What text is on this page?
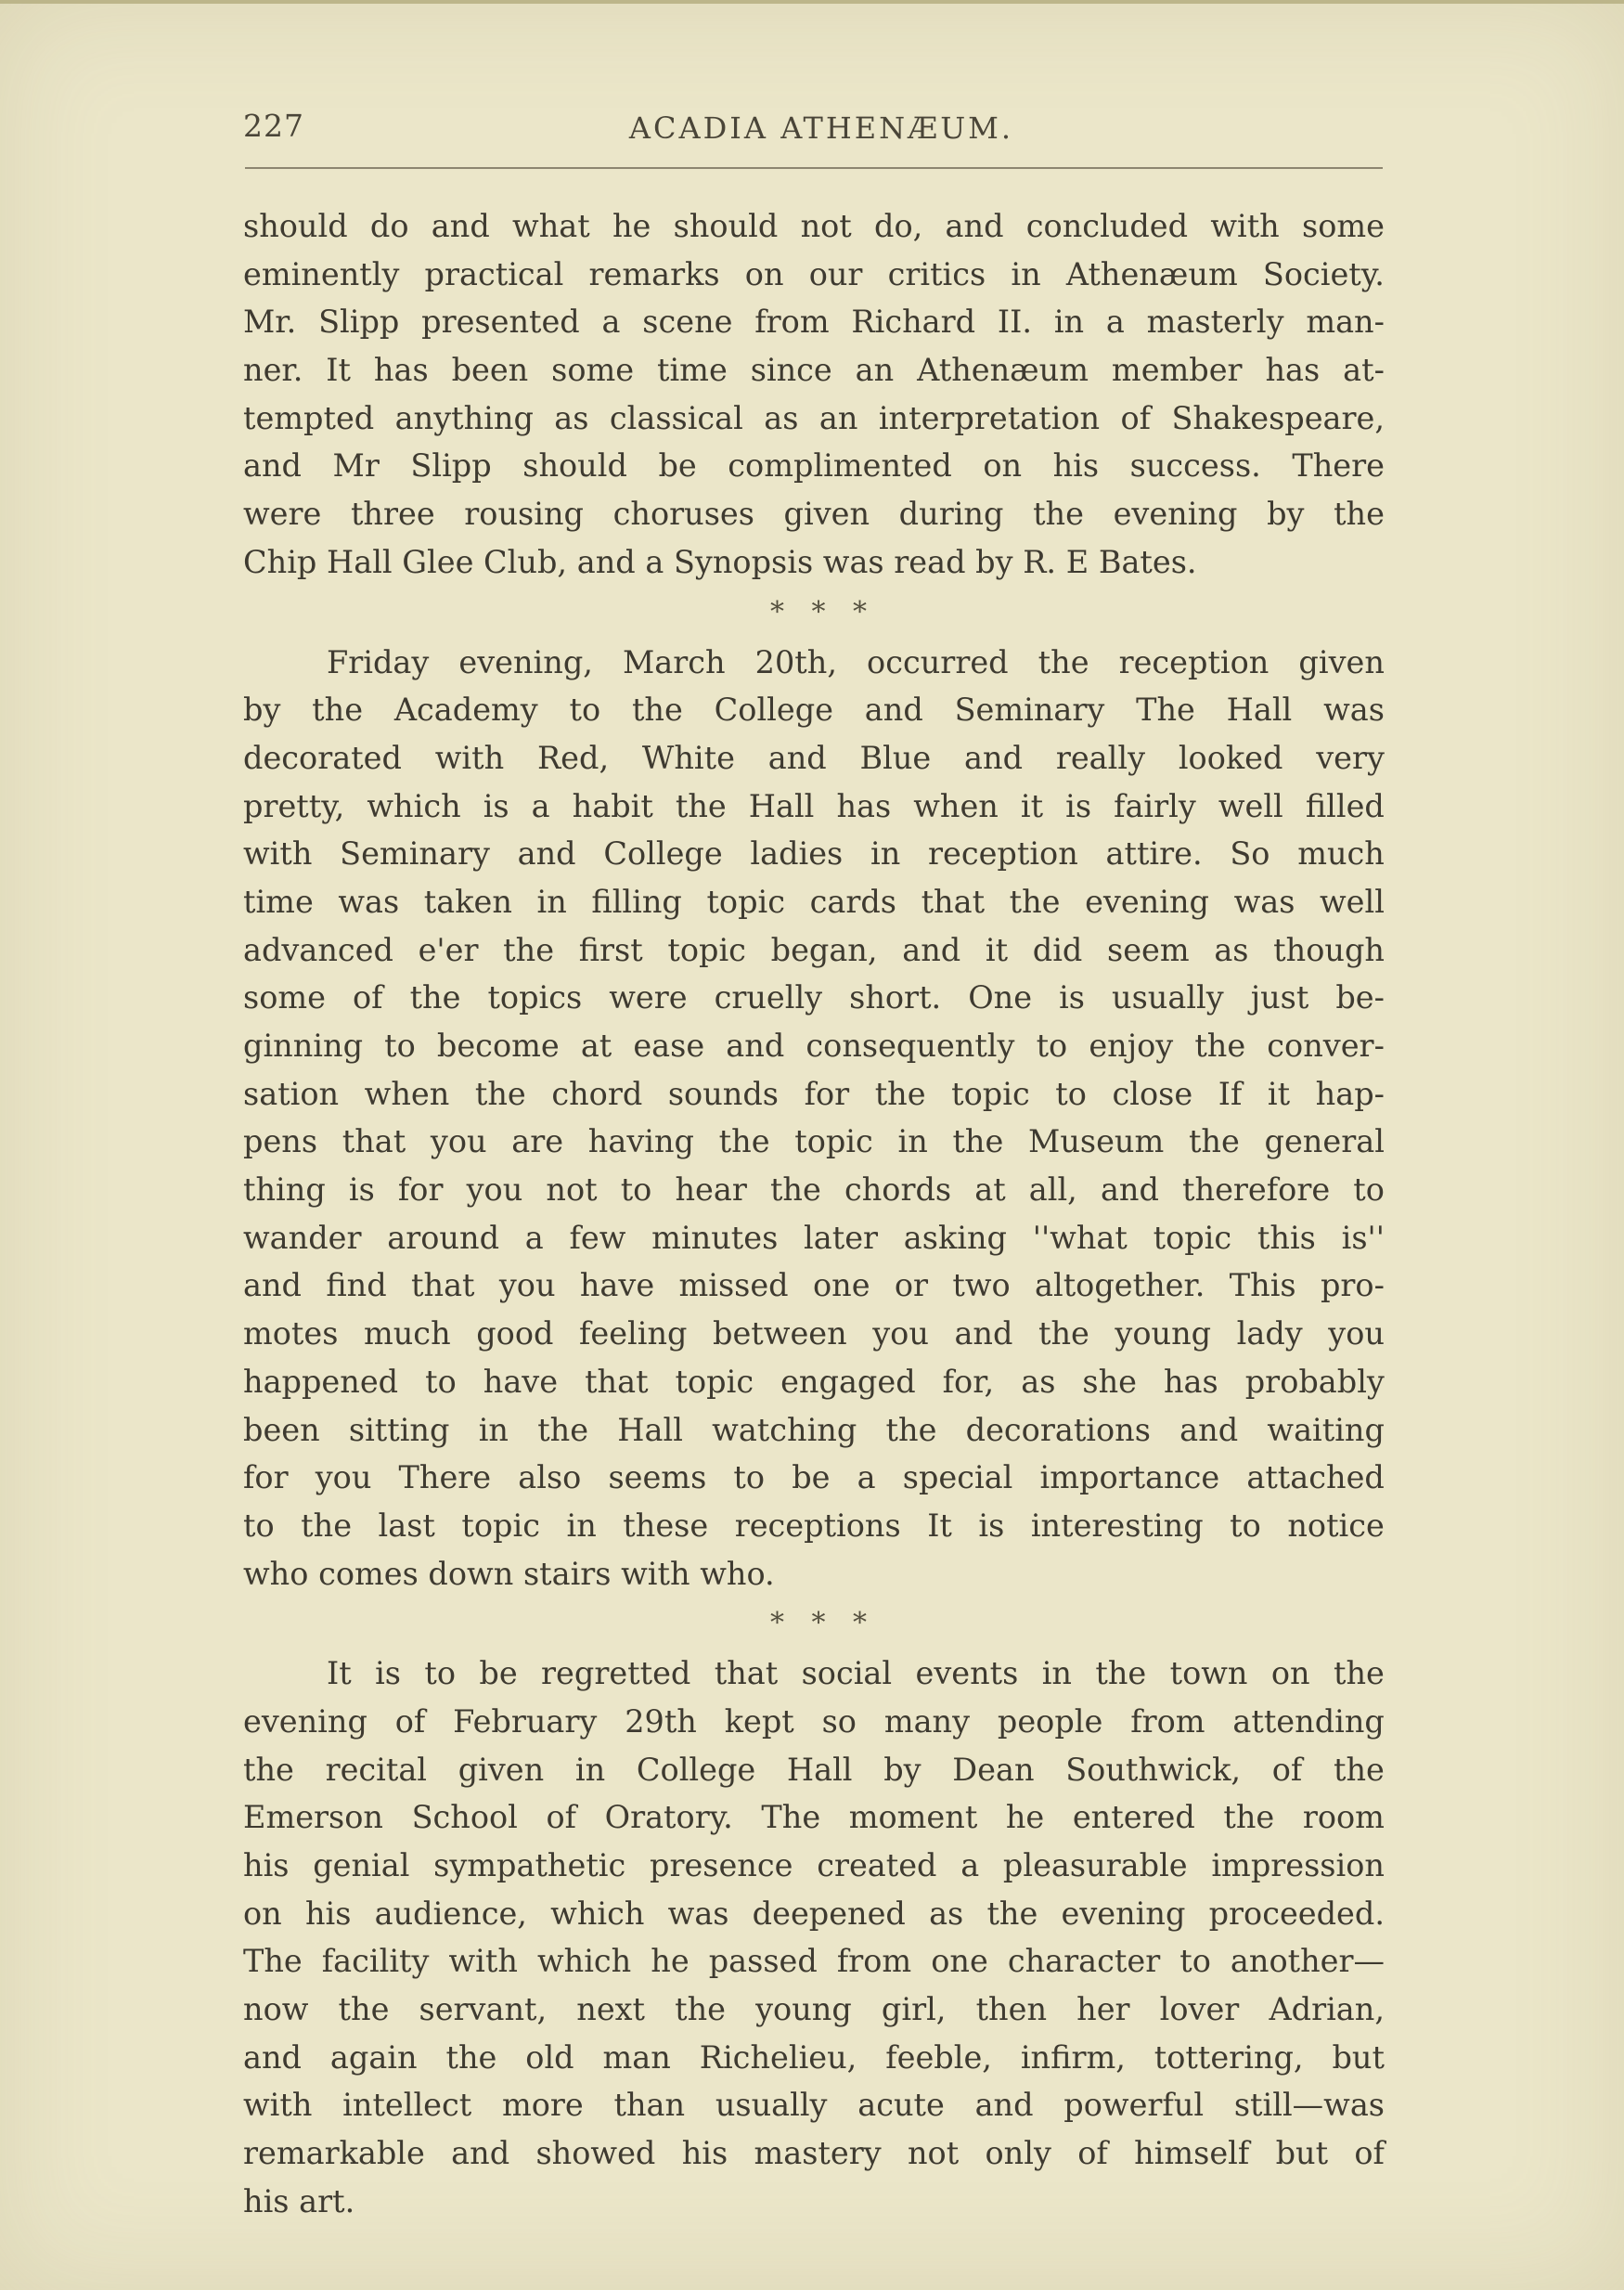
227	ACADIA ATHENÆUM.
should do and what he should not do, and concluded with some
eminently practical remarks on our critics in Athenæum Society.
Mr. Slipp presented a scene from Richard II. in a masterly man-
ner. It has been some time since an Athenæum member has at-
tempted anything as classical as an interpretation of Shakespeare,
and Mr Slipp should be complimented on his success. There
were three rousing choruses given during the evening by the
Chip Hall Glee Club, and a Synopsis was read by R. E Bates.
* * *
Friday evening, March 20th, occurred the reception given
by the Academy to the College and Seminary The Hall was
decorated with Red, White and Blue and really looked very
pretty, which is a habit the Hall has when it is fairly well filled
with Seminary and College ladies in reception attire. So much
time was taken in filling topic cards that the evening was well
advanced e'er the first topic began, and it did seem as though
some of the topics were cruelly short. One is usually just be-
ginning to become at ease and consequently to enjoy the conver-
sation when the chord sounds for the topic to close If it hap-
pens that you are having the topic in the Museum the general
thing is for you not to hear the chords at all, and therefore to
wander around a few minutes later asking ''what topic this is''
and find that you have missed one or two altogether. This pro-
motes much good feeling between you and the young lady you
happened to have that topic engaged for, as she has probably
been sitting in the Hall watching the decorations and waiting
for you There also seems to be a special importance attached
to the last topic in these receptions It is interesting to notice
who comes down stairs with who.
* * *
It is to be regretted that social events in the town on the
evening of February 29th kept so many people from attending
the recital given in College Hall by Dean Southwick, of the
Emerson School of Oratory. The moment he entered the room
his genial sympathetic presence created a pleasurable impression
on his audience, which was deepened as the evening proceeded.
The facility with which he passed from one character to another—
now the servant, next the young girl, then her lover Adrian,
and again the old man Richelieu, feeble, infirm, tottering, but
with intellect more than usually acute and powerful still—was
remarkable and showed his mastery not only of himself but of
his art.
